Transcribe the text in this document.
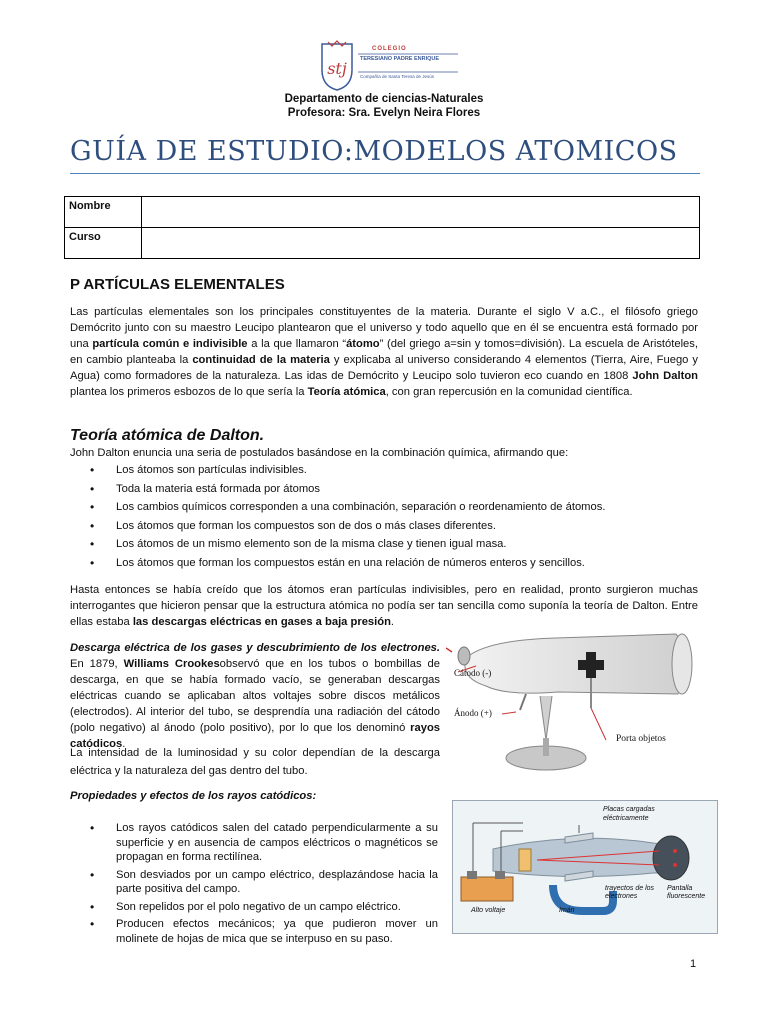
stj
COLEGIO
TERESIANO PADRE ENRIQUE
Compañía de Santa Teresa de Jesús
Departamento de ciencias-Naturales
Profesora: Sra. Evelyn Neira Flores
GUÍA DE ESTUDIO:MODELOS ATOMICOS
Nombre	
Curso	
P ARTÍCULAS ELEMENTALES
Las partículas elementales son los principales constituyentes de la materia. Durante el siglo V a.C., el filósofo griego Demócrito junto con su maestro Leucipo plantearon que el universo y todo aquello que en él se encuentra está formado por una partícula común e indivisible a la que llamaron “átomo” (del griego a=sin y tomos=división). La escuela de Aristóteles, en cambio planteaba la continuidad de la materia y explicaba al universo considerando 4 elementos (Tierra, Aire, Fuego y Agua) como formadores de la naturaleza. Las idas de Demócrito y Leucipo solo tuvieron eco cuando en 1808 John Dalton plantea los primeros esbozos de lo que sería la Teoría atómica, con gran repercusión en la comunidad científica.
Teoría atómica de Dalton.
John Dalton enuncia una seria de postulados basándose en la combinación química, afirmando que:
• Los átomos son partículas indivisibles.
• Toda la materia está formada por átomos
• Los cambios químicos corresponden a una combinación, separación o reordenamiento de átomos.
• Los átomos que forman los compuestos son de dos o más clases diferentes.
• Los átomos de un mismo elemento son de la misma clase y tienen igual masa.
• Los átomos que forman los compuestos están en una relación de números enteros y sencillos.
Hasta entonces se había creído que los átomos eran partículas indivisibles, pero en realidad, pronto surgieron muchas interrogantes que hicieron pensar que la estructura atómica no podía ser tan sencilla como suponía la teoría de Dalton. Entre ellas estaba las descargas eléctricas en gases a baja presión.
Descarga eléctrica de los gases y descubrimiento de los electrones. En 1879, Williams Crookesobservó que en los tubos o bombillas de descarga, en que se había formado vacío, se generaban descargas eléctricas cuando se aplicaban altos voltajes sobre discos metálicos (electrodos). Al interior del tubo, se desprendía una radiación del cátodo (polo negativo) al ánodo (polo positivo), por lo que los denominó rayos catódicos.
La intensidad de la luminosidad y su color dependían de la descarga eléctrica y la naturaleza del gas dentro del tubo.
Cátodo (-)
Ánodo (+)
Porta objetos
Propiedades y efectos de los rayos catódicos:
• Los rayos catódicos salen del catado perpendicularmente a su superficie y en ausencia de campos eléctricos o magnéticos se propagan en forma rectilínea.
• Son desviados por un campo eléctrico, desplazándose hacia la parte positiva del campo.
• Son repelidos por el polo negativo de un campo eléctrico.
• Producen efectos mecánicos; ya que pudieron mover un molinete de hojas de mica que se interpuso en su paso.
Placas cargadas eléctricamente
Pantalla fluorescente
trayectos de los electrones
Alto voltaje	Imán
1
